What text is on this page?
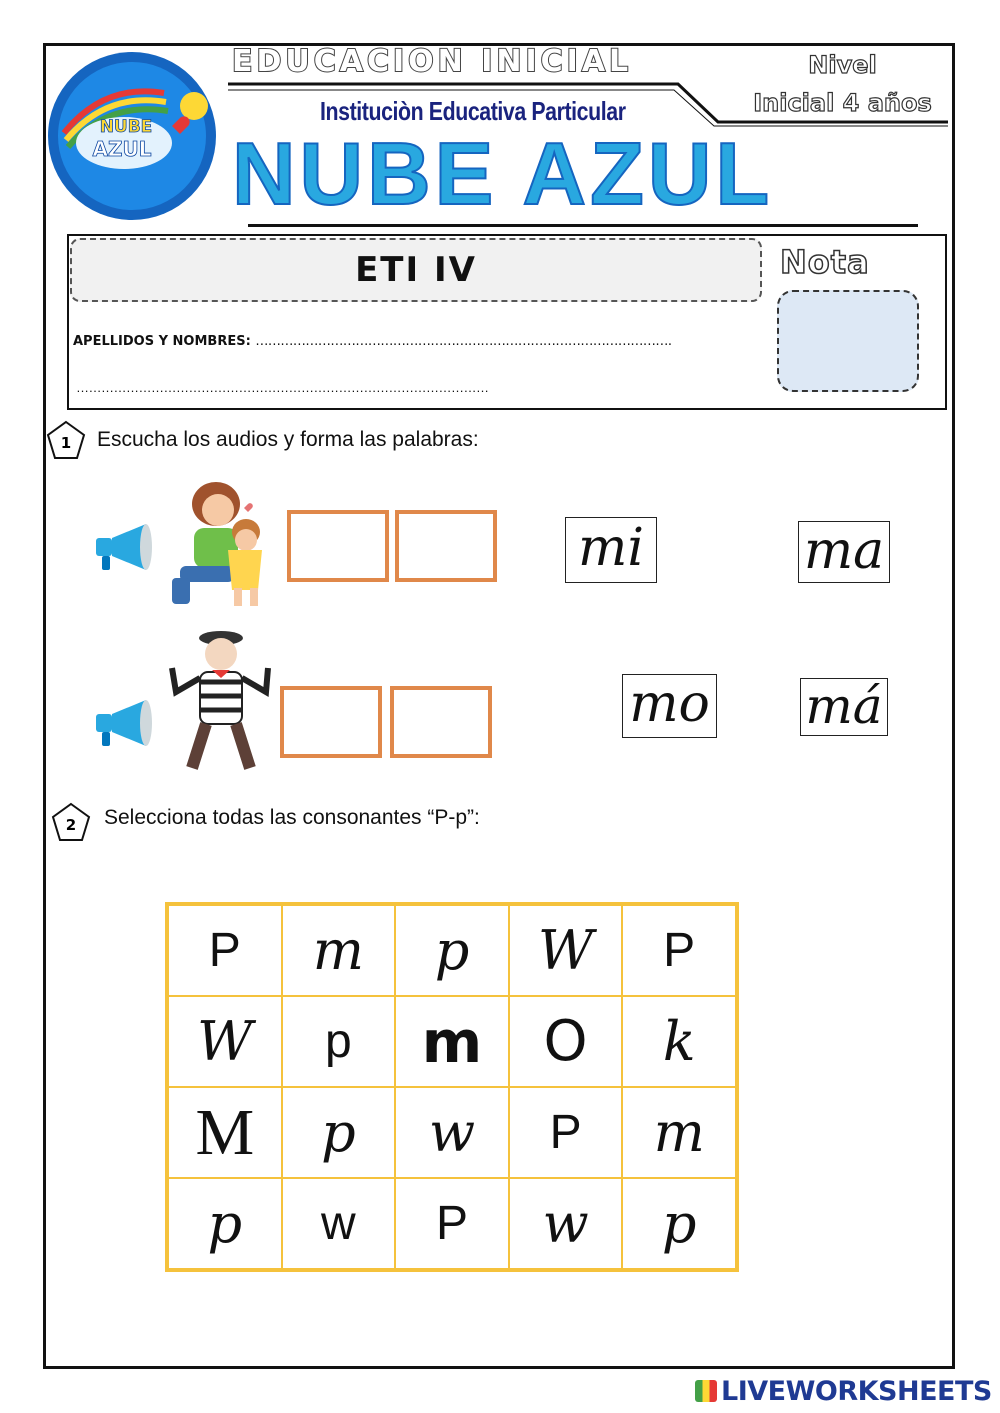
NUBE
AZUL
EDUCACION INICIAL
Instituciòn Educativa Particular
NUBE AZUL
Nivel
Inicial 4 años
ETI IV	Nota
APELLIDOS Y NOMBRES: ……………………………………………………………………………………….
………………………………………………………………………………………
1 Escucha los audios y forma las palabras:
mi	ma
mo má
2 Selecciona todas las consonantes “P-p”:
P	m	p	W	P
W	p	m	O	k
M	p	w	P	m
p	w	P	w	p
LIVEWORKSHEETS
